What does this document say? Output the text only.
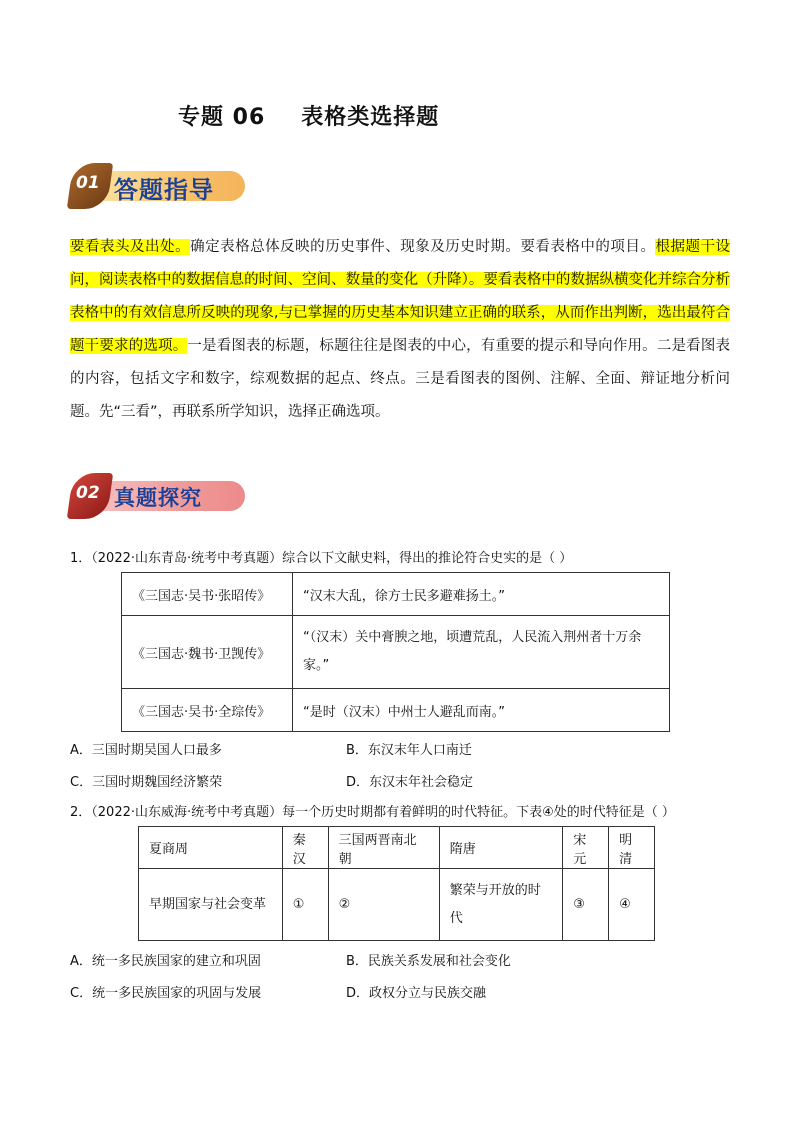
专题 06 表格类选择题
01 答题指导
要看表头及出处。确定表格总体反映的历史事件、现象及历史时期。要看表格中的项目。根据题干设问，阅读表格中的数据信息的时间、空间、数量的变化（升降）。要看表格中的数据纵横变化并综合分析表格中的有效信息所反映的现象,与已掌握的历史基本知识建立正确的联系，从而作出判断，选出最符合题干要求的选项。一是看图表的标题，标题往往是图表的中心，有重要的提示和导向作用。二是看图表的内容，包括文字和数字，综观数据的起点、终点。三是看图表的图例、注解、全面、辩证地分析问题。先“三看”，再联系所学知识，选择正确选项。
02 真题探究
1．（2022·山东青岛·统考中考真题）综合以下文献史料，得出的推论符合史实的是（ ）
《三国志·吴书·张昭传》	“汉末大乱，徐方士民多避难扬土。”
《三国志·魏书·卫觊传》	“（汉末）关中膏腴之地，顷遭荒乱，人民流入荆州者十万余家。”
《三国志·吴书·全琮传》	“是时（汉末）中州士人避乱而南。”
A．三国时期吴国人口最多	B．东汉末年人口南迁
C．三国时期魏国经济繁荣	D．东汉末年社会稳定
2．（2022·山东威海·统考中考真题）每一个历史时期都有着鲜明的时代特征。下表④处的时代特征是（ ）
夏商周	秦汉	三国两晋南北朝	隋唐	宋元	明清
早期国家与社会变革	①	②	繁荣与开放的时代	③	④
A．统一多民族国家的建立和巩固	B．民族关系发展和社会变化
C．统一多民族国家的巩固与发展	D．政权分立与民族交融
